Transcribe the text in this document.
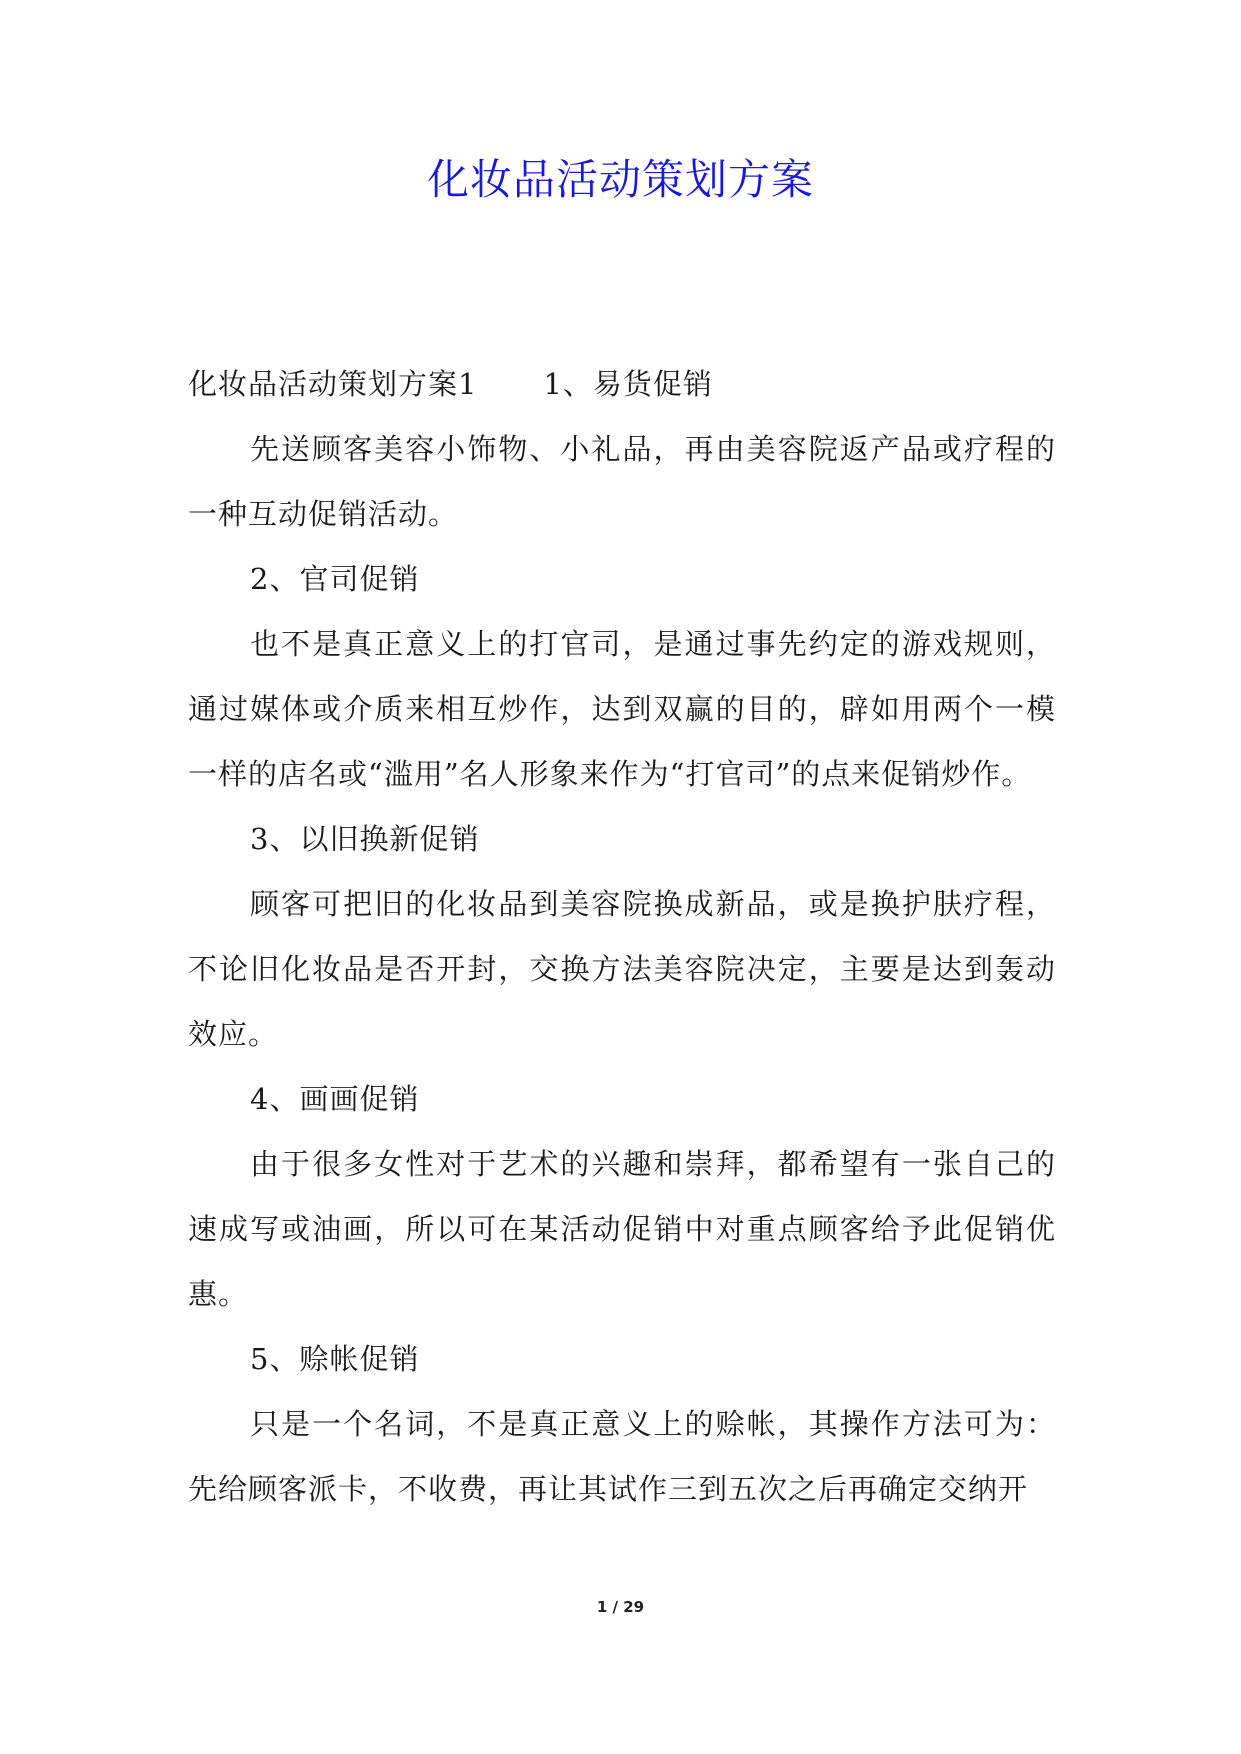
化妆品活动策划方案

化妆品活动策划方案1 1、易货促销

先送顾客美容小饰物、小礼品，再由美容院返产品或疗程的一种互动促销活动。

2、官司促销

也不是真正意义上的打官司，是通过事先约定的游戏规则，通过媒体或介质来相互炒作，达到双赢的目的，辟如用两个一模一样的店名或“滥用”名人形象来作为“打官司”的点来促销炒作。

3、以旧换新促销

顾客可把旧的化妆品到美容院换成新品，或是换护肤疗程，不论旧化妆品是否开封，交换方法美容院决定，主要是达到轰动效应。

4、画画促销

由于很多女性对于艺术的兴趣和崇拜，都希望有一张自己的速成写或油画，所以可在某活动促销中对重点顾客给予此促销优惠。

5、赊帐促销

只是一个名词，不是真正意义上的赊帐，其操作方法可为：先给顾客派卡，不收费，再让其试作三到五次之后再确定交纳开

1 / 29
